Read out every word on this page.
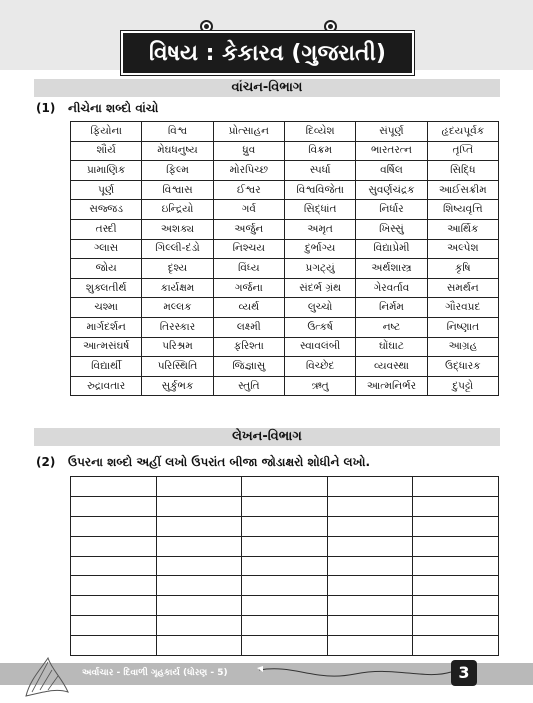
વિષય : કેકારવ (ગુજરાતી)
વાંચન-વિભાગ
(1) નીચેના શબ્દો વાંચો
ફિયોના	વિશ્વ	પ્રોત્સાહન	દિવ્યેશ	સંપૂર્ણ	હૃદયપૂર્વક
શૌર્ય	મેઘધનુષ્ય	ધ્રુવ	વિક્રમ	ભારતરત્ન	તૃપ્તિ
પ્રામાણિક	ફિલ્મ	મોરપિચ્છ	સ્પર્ધા	વર્ષિલ	સિદ્ધિ
પૂર્ણ	વિશ્વાસ	ઈશ્વર	વિશ્વવિજેતા	સુવર્ણચંદ્રક	આઈસક્રીમ
સજ્જડ	ઇન્દ્રિયો	ગર્વ	સિદ્ધાંત	નિર્ધાર	શિષ્યવૃત્તિ
તસ્દી	અશક્ય	અર્જુન	અમૃત	ખિસ્સું	આર્થિક
ગ્લાસ	ગિલ્લી-દંડો	નિશ્ચય	દુર્ભાગ્ય	વિદ્યાપ્રેમી	અલ્પેશ
જોય	દૃશ્ય	વિંધ્ય	પ્રગટ્યું	અર્થશાસ્ત્ર	કૃષિ
શુક્લતીર્થ	કાર્યક્ષમ	ગર્જના	સંદર્ભ ગ્રંથ	ગેરવર્તાવ	સમર્થન
ચશ્મા	મલ્લક	વ્યર્થ	લુચ્ચો	નિર્મમ	ગૌરવપ્રદ
માર્ગદર્શન	તિરસ્કાર	લક્ષ્મી	ઉત્કર્ષ	નષ્ટ	નિષ્ણાત
આત્મસંઘર્ષ	પરિશ્રમ	ફરિશ્તા	સ્વાવલંબી	ઘોંઘાટ	આગ્રહ
વિદ્યાર્થી	પરિસ્થિતિ	જિજ્ઞાસુ	વિચ્છેદ	વ્યવસ્થા	ઉદ્ધારક
રુદ્રાવતાર	સુર્કુભક	સ્તુતિ	ઋતુ	આત્મનિર્ભર	દુપટ્ટો
લેખન-વિભાગ
(2) ઉપરના શબ્દો અહીં લખો ઉપરાંત બીજા જોડાક્ષરો શોધીને લખો.

અર્વાચાર - દિવાળી ગૃહકાર્ય (ધોરણ - 5)	3
